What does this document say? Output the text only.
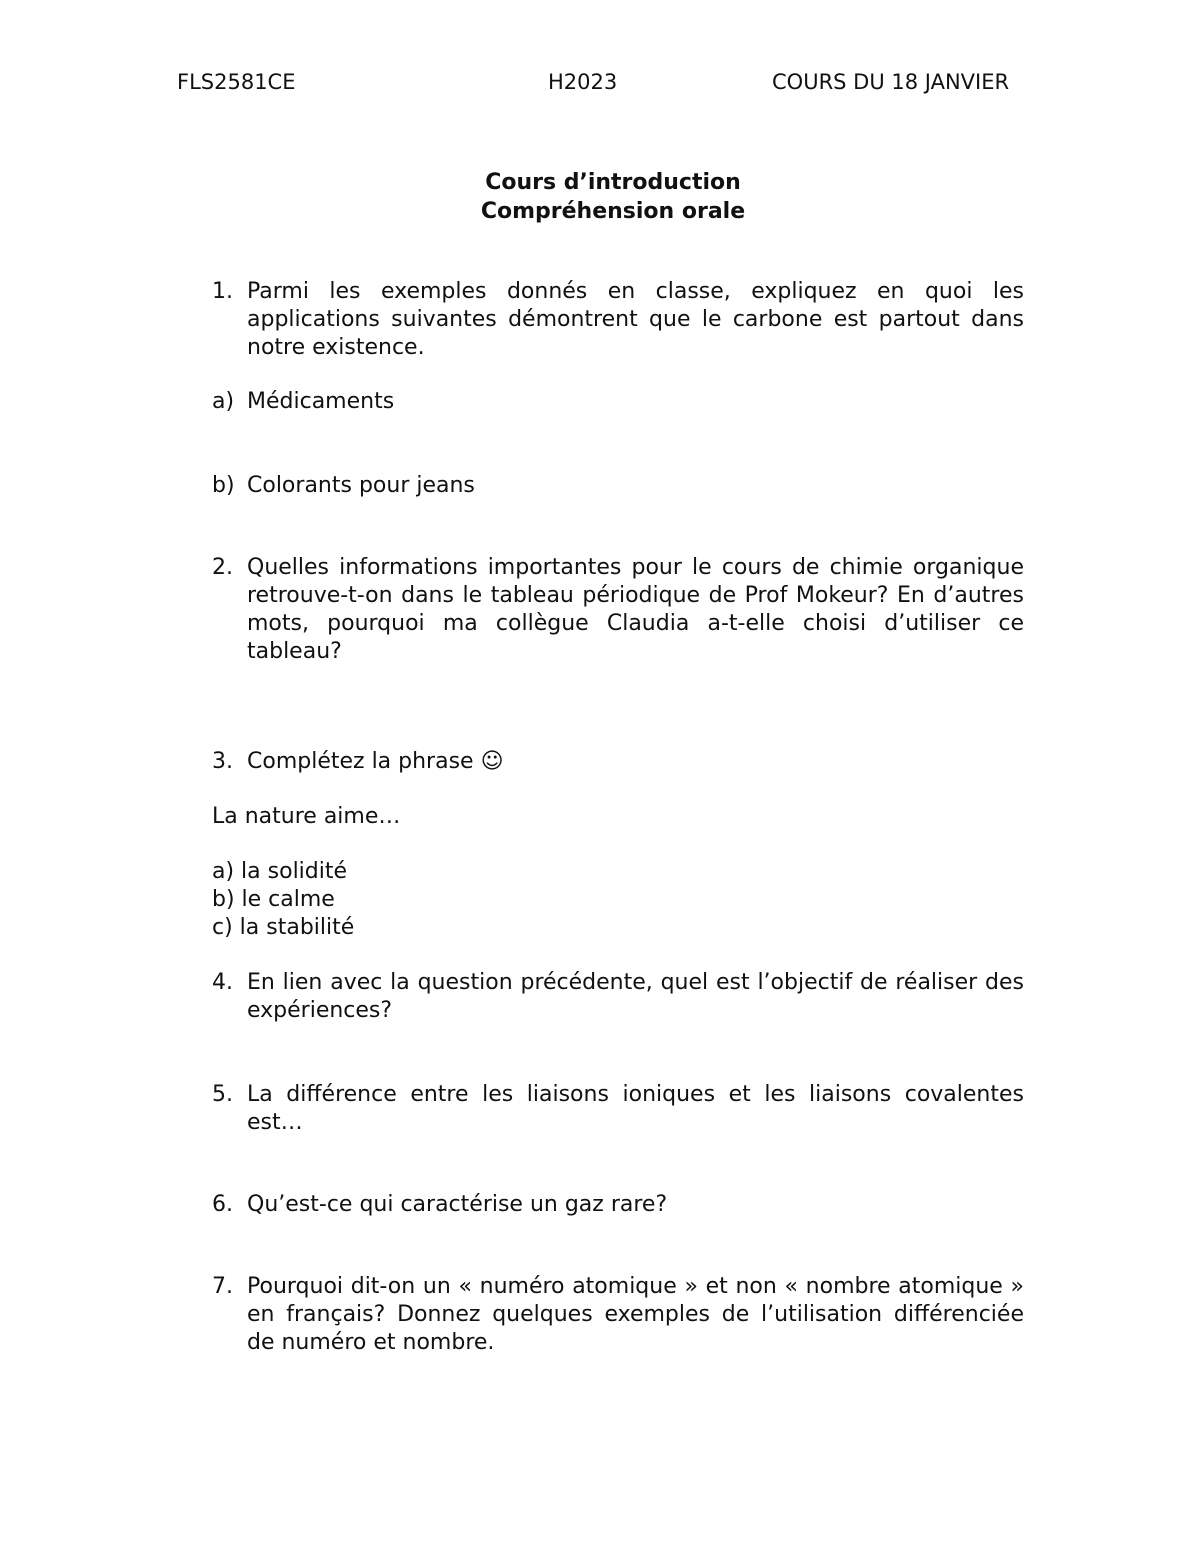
FLS2581CE	H2023	COURS DU 18 JANVIER
Cours d’introduction
Compréhension orale
1. Parmi les exemples donnés en classe, expliquez en quoi les applications suivantes démontrent que le carbone est partout dans notre existence.
a) Médicaments
b) Colorants pour jeans
2. Quelles informations importantes pour le cours de chimie organique retrouve-t-on dans le tableau périodique de Prof Mokeur? En d’autres mots, pourquoi ma collègue Claudia a-t-elle choisi d’utiliser ce tableau?
3. Complétez la phrase ☺
La nature aime…
a) la solidité
b) le calme
c) la stabilité
4. En lien avec la question précédente, quel est l’objectif de réaliser des expériences?
5. La différence entre les liaisons ioniques et les liaisons covalentes est…
6. Qu’est-ce qui caractérise un gaz rare?
7. Pourquoi dit-on un « numéro atomique » et non « nombre atomique » en français? Donnez quelques exemples de l’utilisation différenciée de numéro et nombre.
